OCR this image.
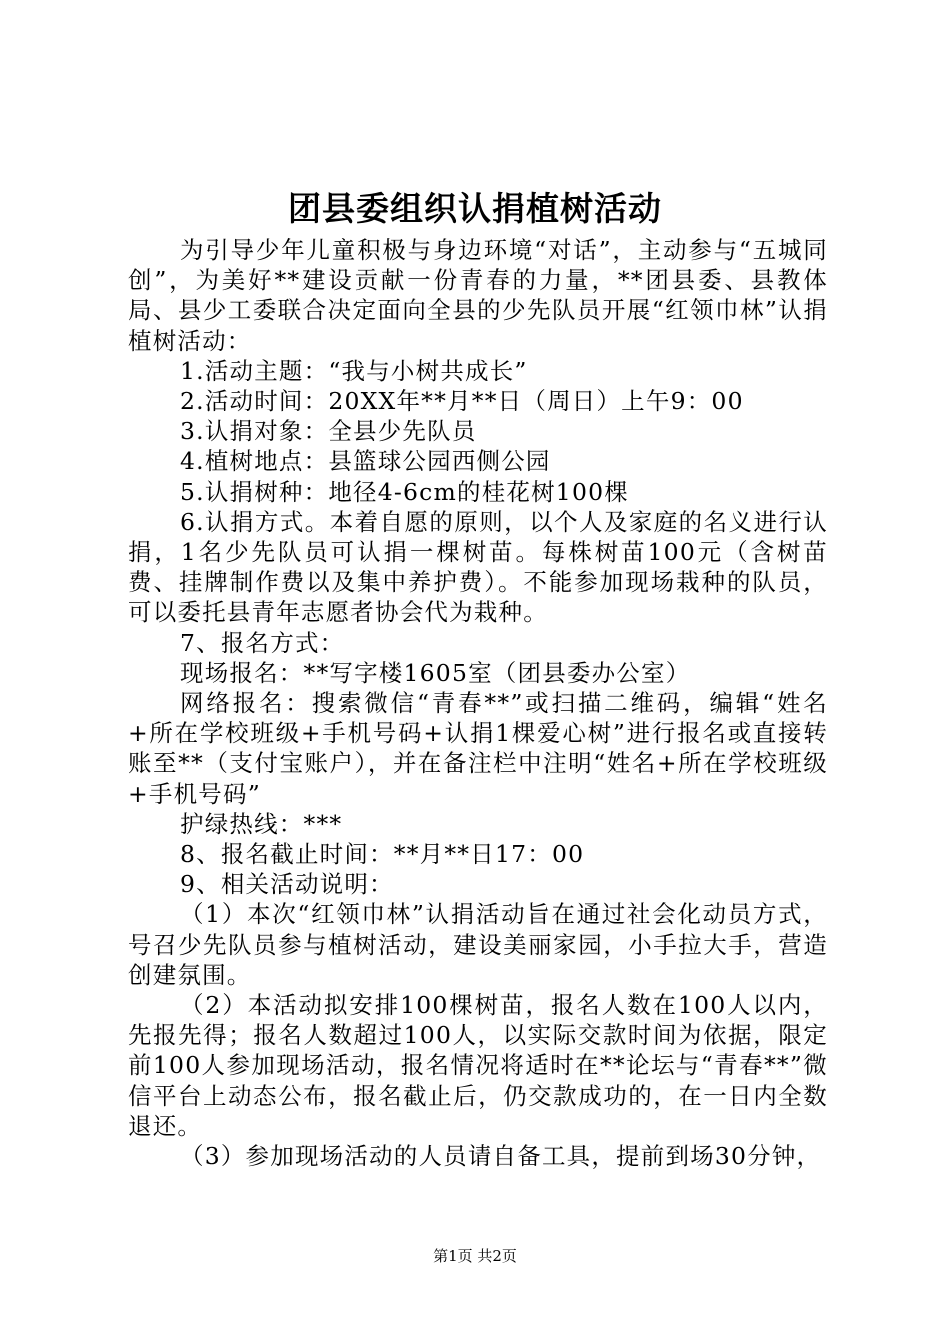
团县委组织认捐植树活动

为引导少年儿童积极与身边环境“对话”，主动参与“五城同创”，为美好**建设贡献一份青春的力量，**团县委、县教体局、县少工委联合决定面向全县的少先队员开展“红领巾林”认捐植树活动：

1.活动主题：“我与小树共成长”

2.活动时间：20XX年**月**日（周日）上午9：00

3.认捐对象：全县少先队员

4.植树地点：县篮球公园西侧公园

5.认捐树种：地径4-6cm的桂花树100棵

6.认捐方式。本着自愿的原则，以个人及家庭的名义进行认捐，1名少先队员可认捐一棵树苗。每株树苗100元（含树苗费、挂牌制作费以及集中养护费）。不能参加现场栽种的队员，可以委托县青年志愿者协会代为栽种。

7、报名方式：

现场报名：**写字楼1605室（团县委办公室）

网络报名：搜索微信“青春**”或扫描二维码，编辑“姓名+所在学校班级+手机号码+认捐1棵爱心树”进行报名或直接转账至**（支付宝账户），并在备注栏中注明“姓名+所在学校班级+手机号码”

护绿热线：***

8、报名截止时间：**月**日17：00

9、相关活动说明：

（1）本次“红领巾林”认捐活动旨在通过社会化动员方式，号召少先队员参与植树活动，建设美丽家园，小手拉大手，营造创建氛围。

（2）本活动拟安排100棵树苗，报名人数在100人以内，先报先得；报名人数超过100人，以实际交款时间为依据，限定前100人参加现场活动，报名情况将适时在**论坛与“青春**”微信平台上动态公布，报名截止后，仍交款成功的，在一日内全数退还。

（3）参加现场活动的人员请自备工具，提前到场30分钟，

第1页 共2页
